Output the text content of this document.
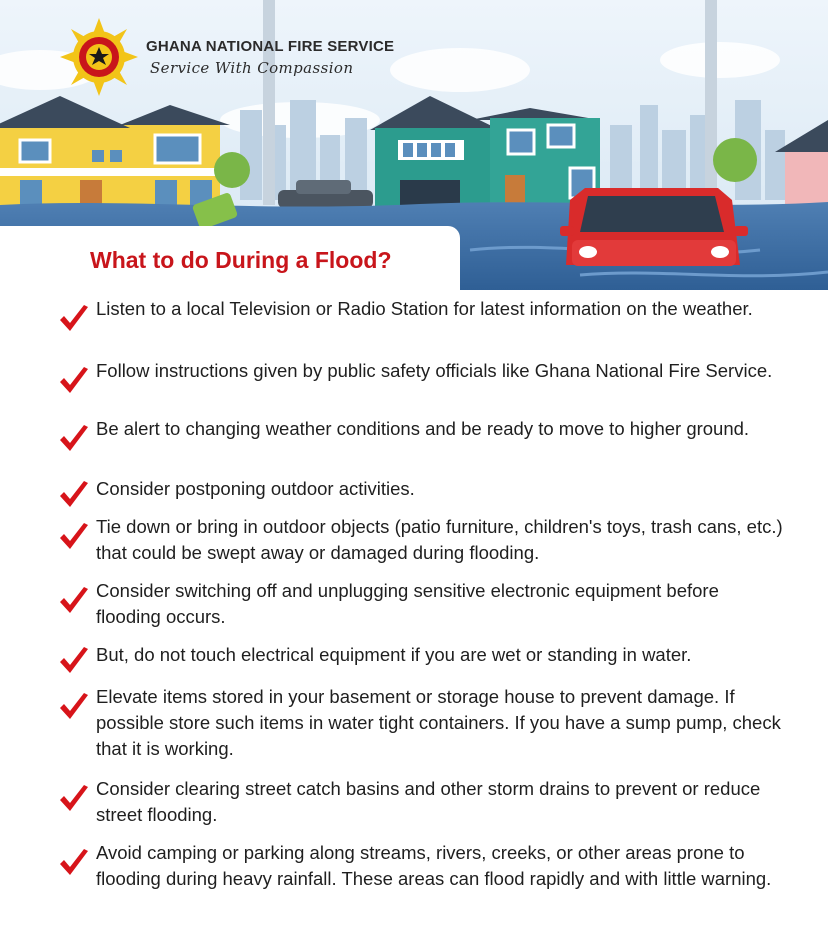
GHANA NATIONAL FIRE SERVICE
Service With Compassion
What to do During a Flood?
Listen to a local Television or Radio Station for latest information on the weather.
Follow instructions given by public safety officials like Ghana National Fire Service.
Be alert to changing weather conditions and be ready to move to higher ground.
Consider postponing outdoor activities.
Tie down or bring in outdoor objects (patio furniture, children's toys, trash cans, etc.) that could be swept away or damaged during flooding.
Consider switching off and unplugging sensitive electronic equipment before flooding occurs.
But, do not touch electrical equipment if you are wet or standing in water.
Elevate items stored in your basement or storage house to prevent damage. If possible store such items in water tight containers. If you have a sump pump, check that it is working.
Consider clearing street catch basins and other storm drains to prevent or reduce street flooding.
Avoid camping or parking along streams, rivers, creeks, or other areas prone to flooding during heavy rainfall. These areas can flood rapidly and with little warning.
